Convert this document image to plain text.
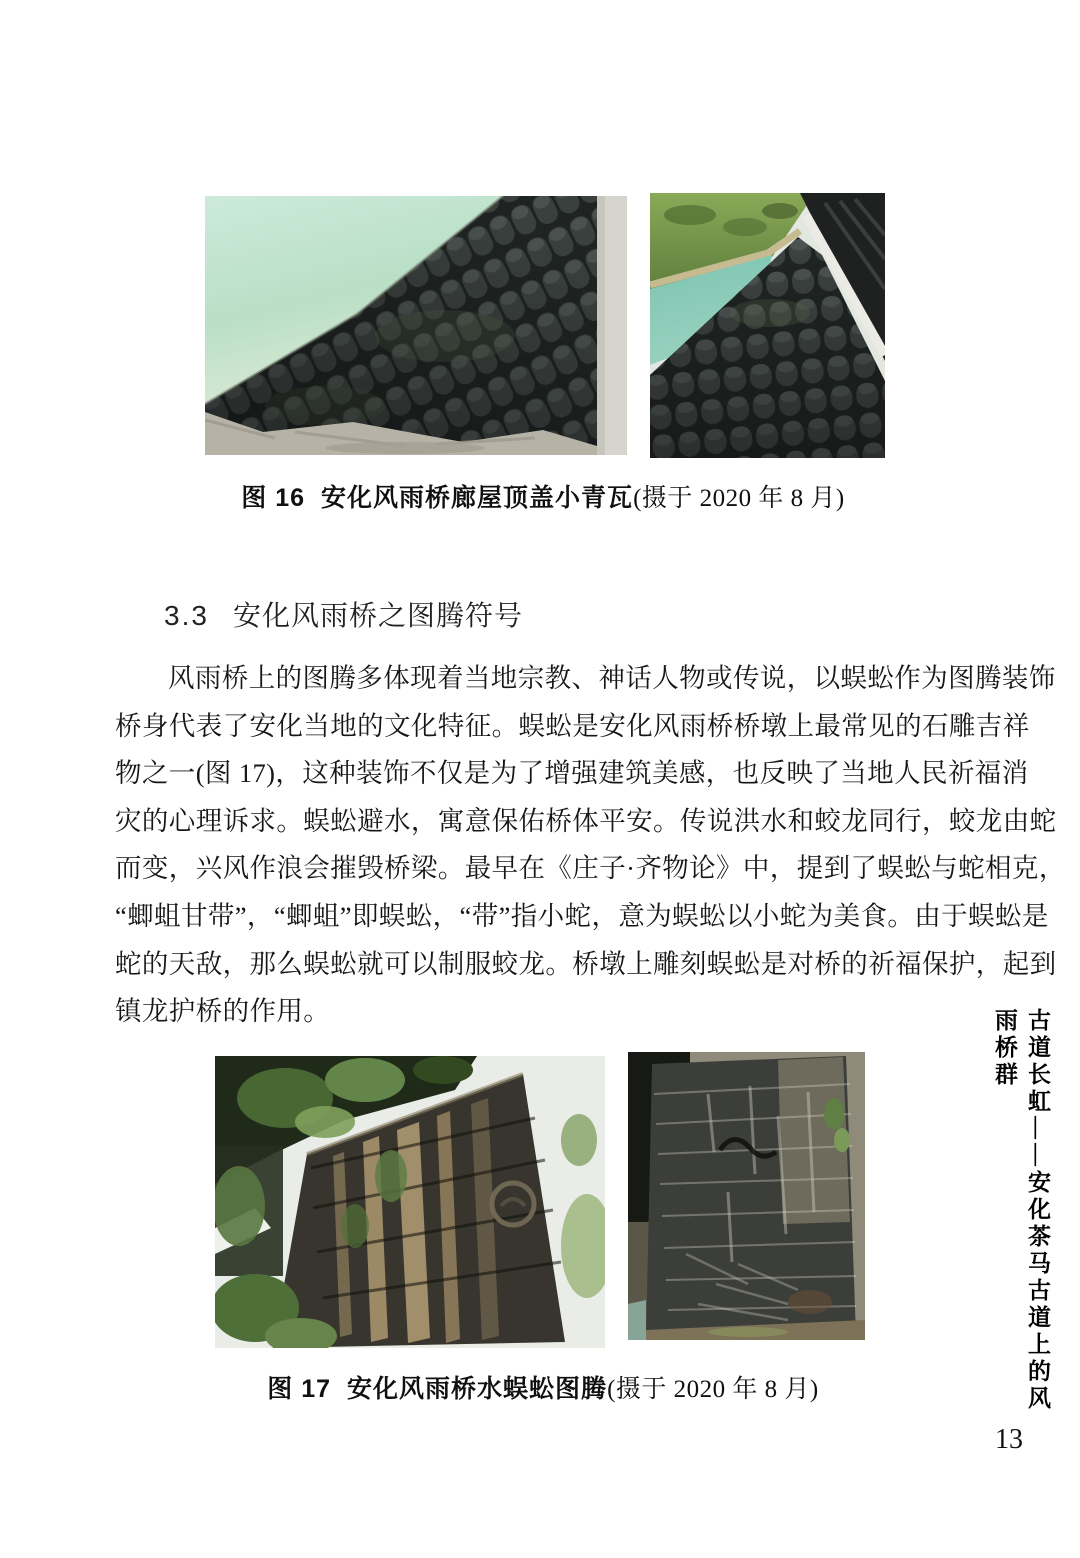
图 16 安化风雨桥廊屋顶盖小青瓦(摄于 2020 年 8 月)
3.3 安化风雨桥之图腾符号
风雨桥上的图腾多体现着当地宗教、神话人物或传说，以蜈蚣作为图腾装饰
桥身代表了安化当地的文化特征。蜈蚣是安化风雨桥桥墩上最常见的石雕吉祥
物之一(图 17)，这种装饰不仅是为了增强建筑美感，也反映了当地人民祈福消
灾的心理诉求。蜈蚣避水，寓意保佑桥体平安。传说洪水和蛟龙同行，蛟龙由蛇
而变，兴风作浪会摧毁桥梁。最早在《庄子·齐物论》中，提到了蜈蚣与蛇相克，
“蝍蛆甘带”，“蝍蛆”即蜈蚣，“带”指小蛇，意为蜈蚣以小蛇为美食。由于蜈蚣是
蛇的天敌，那么蜈蚣就可以制服蛟龙。桥墩上雕刻蜈蚣是对桥的祈福保护，起到
镇龙护桥的作用。
图 17 安化风雨桥水蜈蚣图腾(摄于 2020 年 8 月)	古道长虹——安化茶马古道上的风雨桥群
13
